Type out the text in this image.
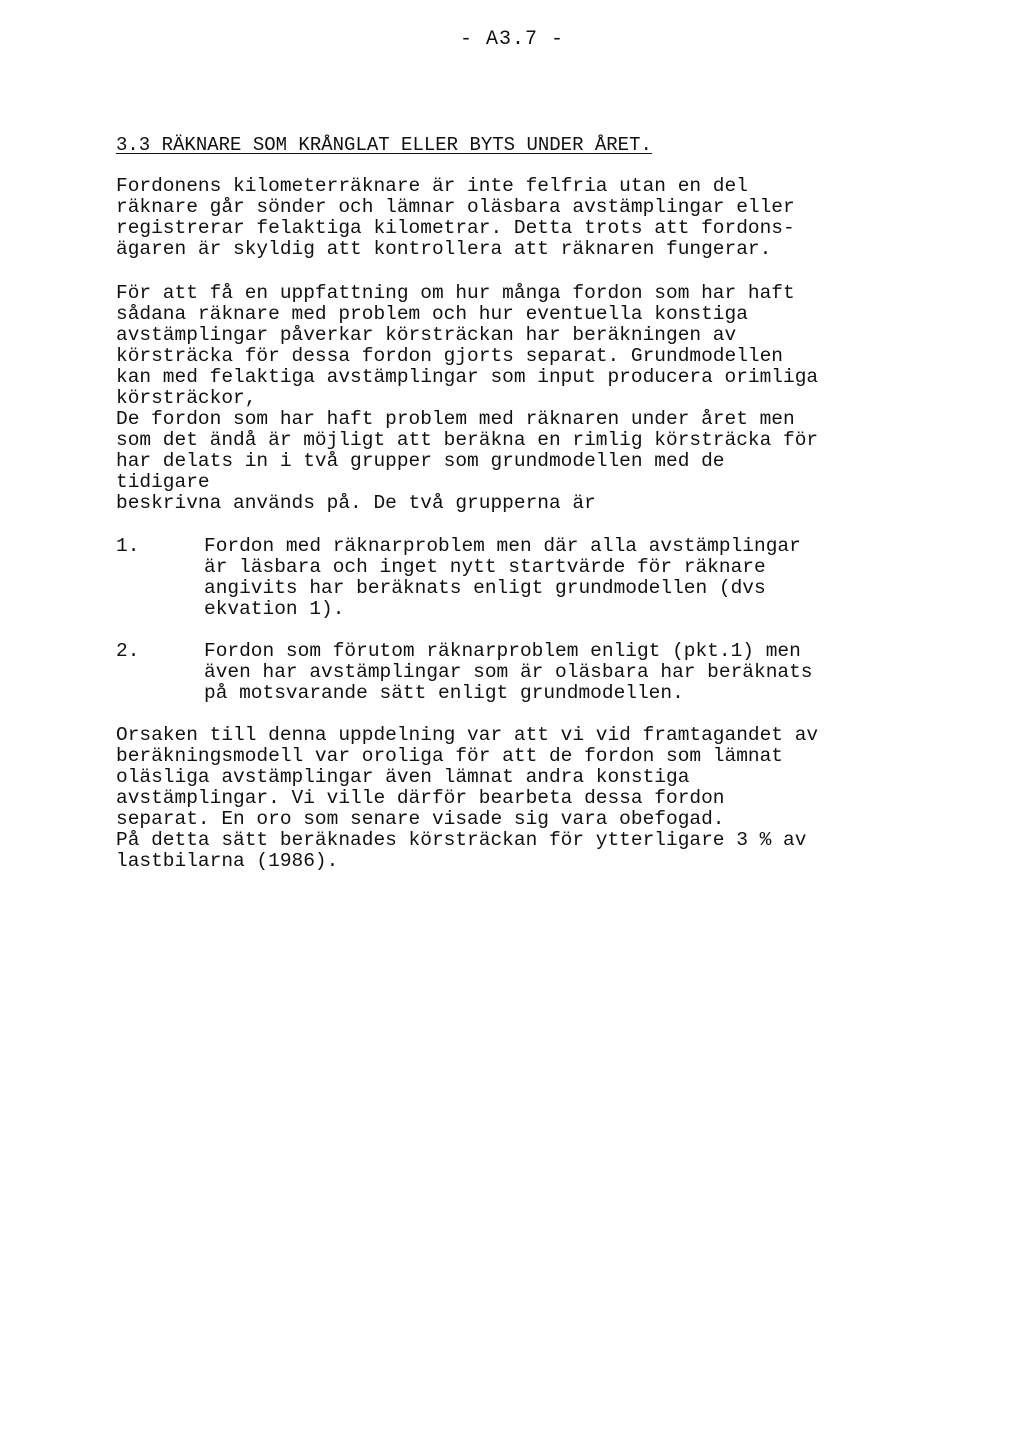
- A3.7 -
3.3 RÄKNARE SOM KRÅNGLAT ELLER BYTS UNDER ÅRET.
Fordonens kilometerräknare är inte felfria utan en del
räknare går sönder och lämnar oläsbara avstämplingar eller
registrerar felaktiga kilometrar. Detta trots att fordons-
ägaren är skyldig att kontrollera att räknaren fungerar.
För att få en uppfattning om hur många fordon som har haft
sådana räknare med problem och hur eventuella konstiga
avstämplingar påverkar körsträckan har beräkningen av
körsträcka för dessa fordon gjorts separat. Grundmodellen
kan med felaktiga avstämplingar som input producera orimliga
körsträckor,
De fordon som har haft problem med räknaren under året men
som det ändå är möjligt att beräkna en rimlig körsträcka för
har delats in i två grupper som grundmodellen med de
tidigare
beskrivna används på. De två grupperna är
1.	Fordon med räknarproblem men där alla avstämplingar
är läsbara och inget nytt startvärde för räknare
angivits har beräknats enligt grundmodellen (dvs
ekvation 1).
2.	Fordon som förutom räknarproblem enligt (pkt.1) men
även har avstämplingar som är oläsbara har beräknats
på motsvarande sätt enligt grundmodellen.
Orsaken till denna uppdelning var att vi vid framtagandet av
beräkningsmodell var oroliga för att de fordon som lämnat
oläsliga avstämplingar även lämnat andra konstiga
avstämplingar. Vi ville därför bearbeta dessa fordon
separat. En oro som senare visade sig vara obefogad.
På detta sätt beräknades körsträckan för ytterligare 3 % av
lastbilarna (1986).
